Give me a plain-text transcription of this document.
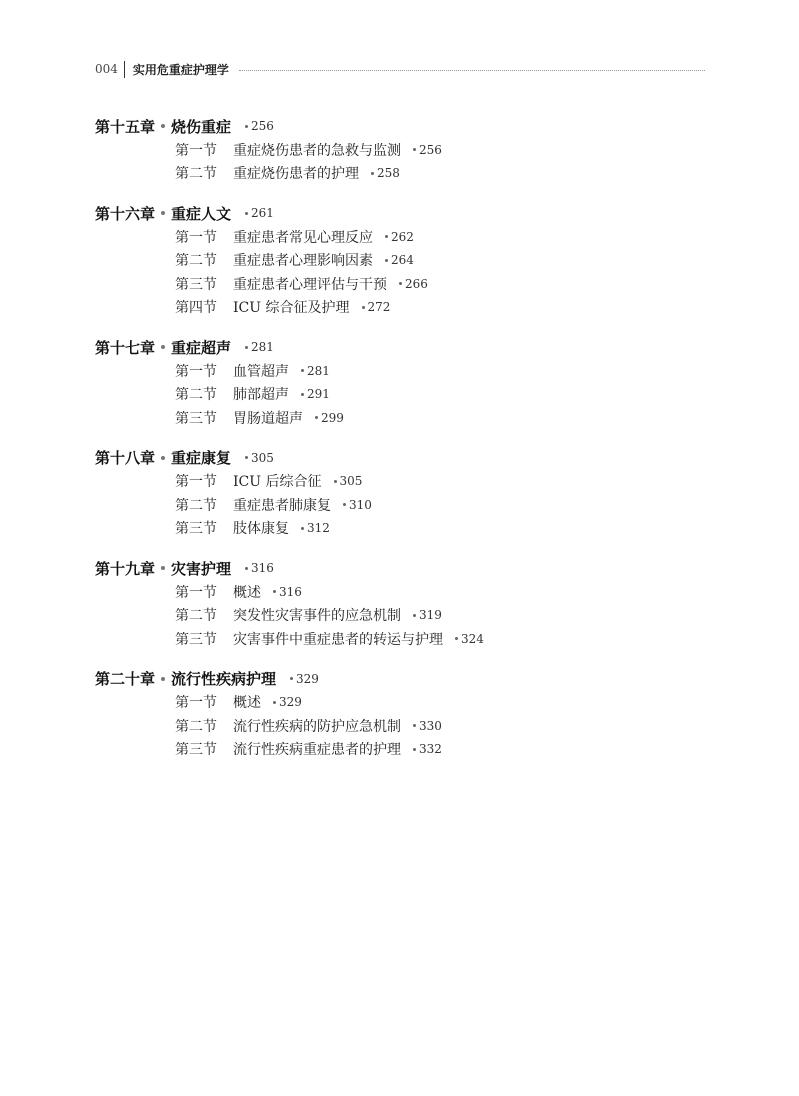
004 实用危重症护理学
第十五章 烧伤重症 256
第一节	重症烧伤患者的急救与监测 256
第二节	重症烧伤患者的护理 258
第十六章 重症人文 261
第一节	重症患者常见心理反应 262
第二节	重症患者心理影响因素 264
第三节	重症患者心理评估与干预 266
第四节	ICU 综合征及护理 272
第十七章 重症超声 281
第一节	血管超声 281
第二节	肺部超声 291
第三节	胃肠道超声 299
第十八章 重症康复 305
第一节	ICU 后综合征 305
第二节	重症患者肺康复 310
第三节	肢体康复 312
第十九章 灾害护理 316
第一节	概述 316
第二节	突发性灾害事件的应急机制 319
第三节	灾害事件中重症患者的转运与护理 324
第二十章 流行性疾病护理 329
第一节	概述 329
第二节	流行性疾病的防护应急机制 330
第三节	流行性疾病重症患者的护理 332
